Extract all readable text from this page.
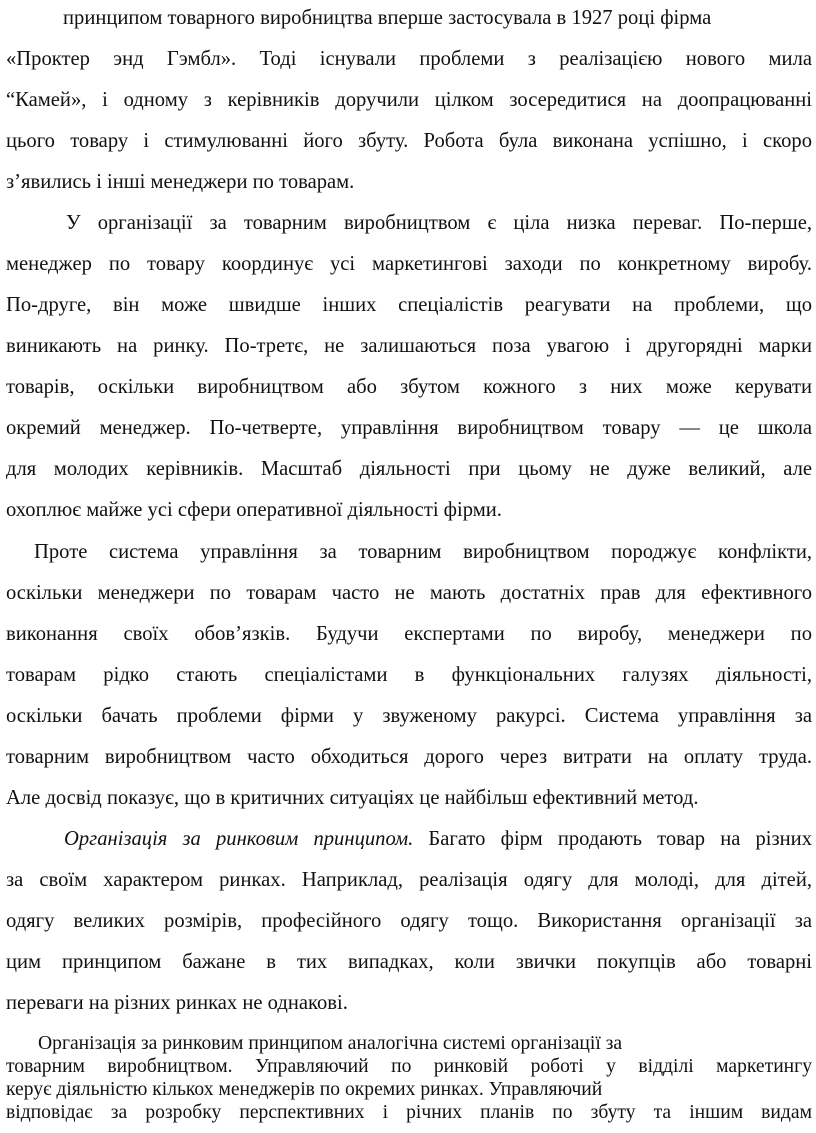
принципом товарного виробництва вперше застосувала в 1927 році фірма
«Проктер энд Гэмбл». Тоді існували проблеми з реалізацією нового мила
“Камей», і одному з керівників доручили цілком зосередитися на доопрацюванні
цього товару і стимулюванні його збуту. Робота була виконана успішно, і скоро
з’явились і інші менеджери по товарам.
У організації за товарним виробництвом є ціла низка переваг. По-перше,
менеджер по товару координує усі маркетингові заходи по конкретному виробу.
По-друге, він може швидше інших спеціалістів реагувати на проблеми, що
виникають на ринку. По-третє, не залишаються поза увагою і другорядні марки
товарів, оскільки виробництвом або збутом кожного з них може керувати
окремий менеджер. По-четверте, управління виробництвом товару — це школа
для молодих керівників. Масштаб діяльності при цьому не дуже великий, але
охоплює майже усі сфери оперативної діяльності фірми.
Проте система управління за товарним виробництвом породжує конфлікти,
оскільки менеджери по товарам часто не мають достатніх прав для ефективного
виконання своїх обов’язків. Будучи експертами по виробу, менеджери по
товарам рідко стають спеціалістами в функціональних галузях діяльності,
оскільки бачать проблеми фірми у звуженому ракурсі. Система управління за
товарним виробництвом часто обходиться дорого через витрати на оплату труда.
Але досвід показує, що в критичних ситуаціях це найбільш ефективний метод.
Організація за ринковим принципом. Багато фірм продають товар на різних
за своїм характером ринках. Наприклад, реалізація одягу для молоді, для дітей,
одягу великих розмірів, професійного одягу тощо. Використання організації за
цим принципом бажане в тих випадках, коли звички покупців або товарні
переваги на різних ринках не однакові.
Організація за ринковим принципом аналогічна системі організації за
товарним виробництвом. Управляючий по ринковій роботі у відділі маркетингу
керує діяльністю кількох менеджерів по окремих ринках. Управляючий
відповідає за розробку перспективних і річних планів по збуту та іншим видам
